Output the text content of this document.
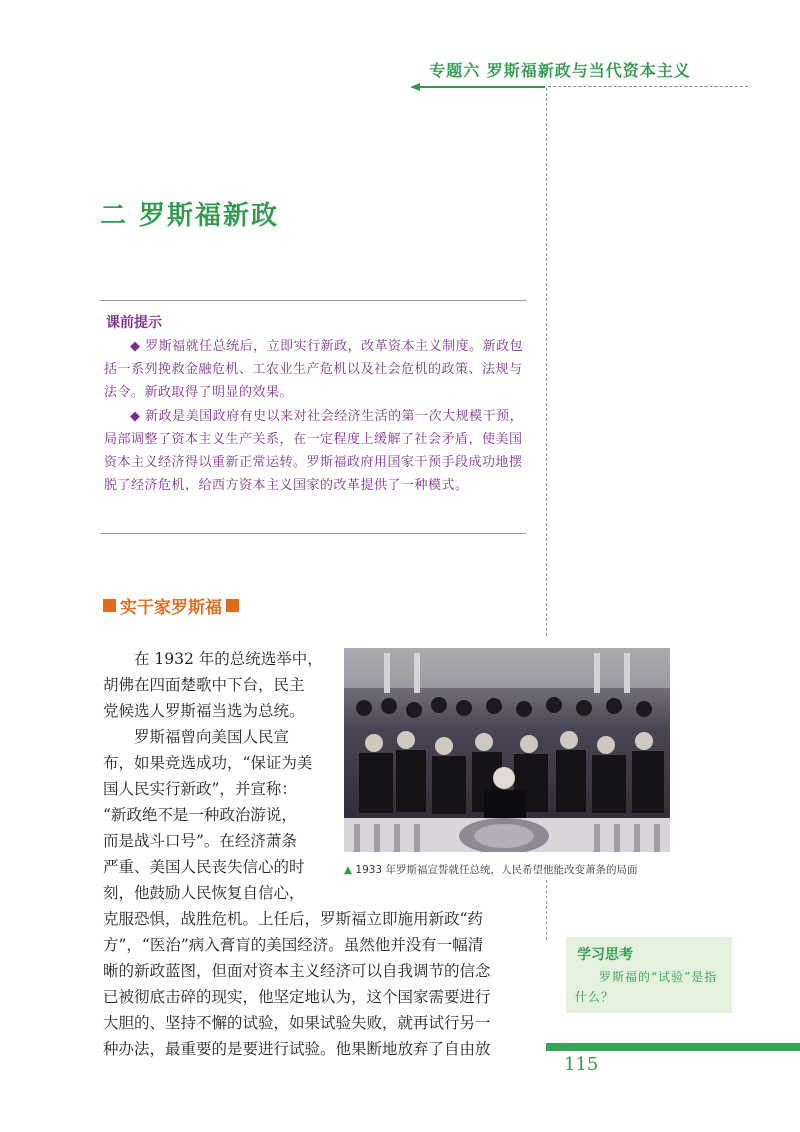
专题六 罗斯福新政与当代资本主义
二 罗斯福新政
课前提示

◆ 罗斯福就任总统后，立即实行新政，改革资本主义制度。新政包括一系列挽救金融危机、工农业生产危机以及社会危机的政策、法规与法令。新政取得了明显的效果。

◆ 新政是美国政府有史以来对社会经济生活的第一次大规模干预，局部调整了资本主义生产关系，在一定程度上缓解了社会矛盾，使美国资本主义经济得以重新正常运转。罗斯福政府用国家干预手段成功地摆脱了经济危机，给西方资本主义国家的改革提供了一种模式。

实干家罗斯福
▲ 1933 年罗斯福宣誓就任总统，人民希望他能改变萧条的局面
　　在 1932 年的总统选举中，
胡佛在四面楚歌中下台，民主
党候选人罗斯福当选为总统。
　　罗斯福曾向美国人民宣
布，如果竞选成功，“保证为美
国人民实行新政”，并宣称：
“新政绝不是一种政治游说，
而是战斗口号”。在经济萧条
严重、美国人民丧失信心的时
刻，他鼓励人民恢复自信心，
克服恐惧，战胜危机。上任后，罗斯福立即施用新政“药
方”，“医治”病入膏肓的美国经济。虽然他并没有一幅清
晰的新政蓝图，但面对资本主义经济可以自我调节的信念
已被彻底击碎的现实，他坚定地认为，这个国家需要进行
大胆的、坚持不懈的试验，如果试验失败，就再试行另一
种办法，最重要的是要进行试验。他果断地放弃了自由放
学习思考

罗斯福的“试验”是指什么？

115
